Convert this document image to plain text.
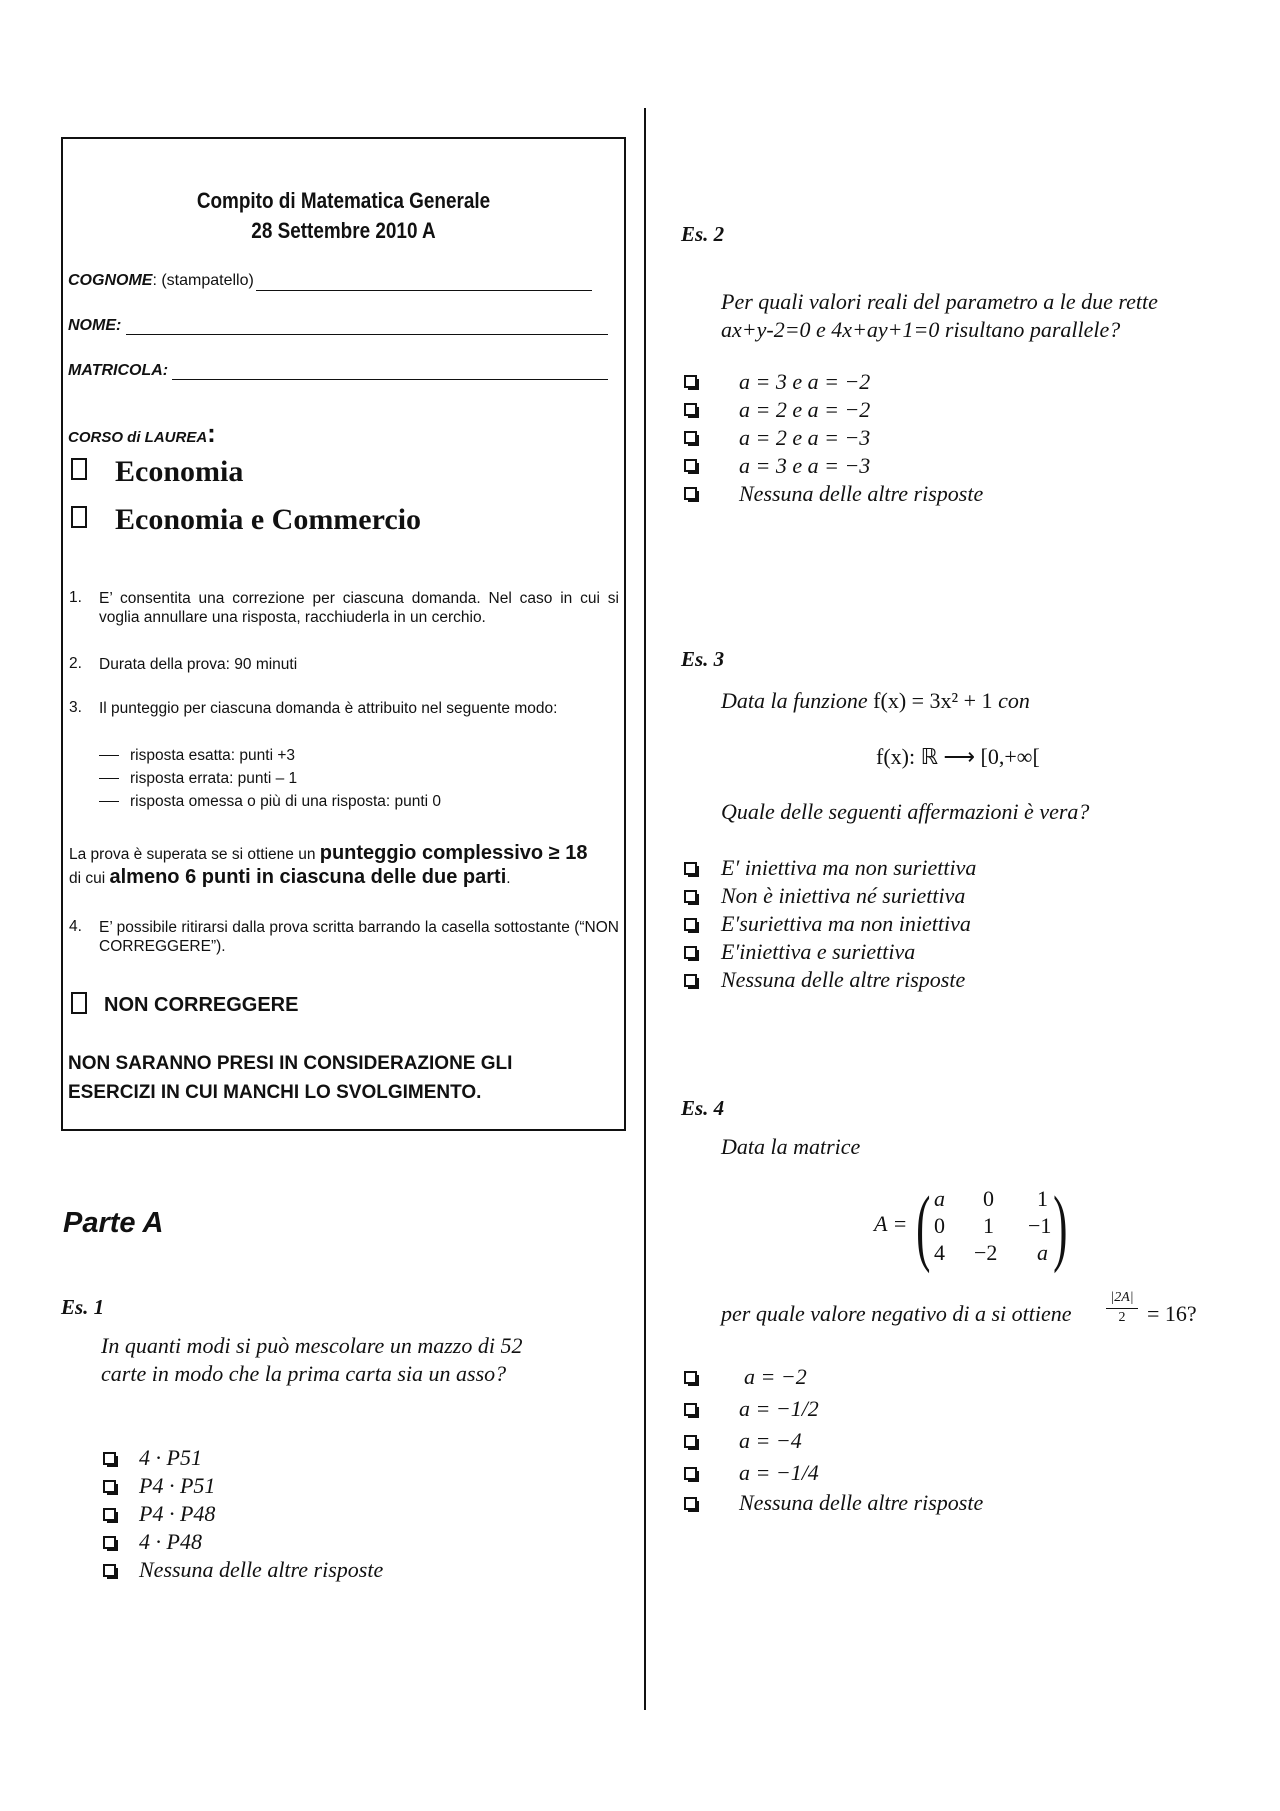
Compito di Matematica Generale
28 Settembre 2010 A
COGNOME: (stampatello)
NOME:
MATRICOLA:
CORSO di LAUREA:
Economia
Economia e Commercio
1. E’ consentita una correzione per ciascuna domanda. Nel caso in cui si voglia annullare una risposta, racchiuderla in un cerchio.
2. Durata della prova: 90 minuti
3. Il punteggio per ciascuna domanda è attribuito nel seguente modo:
risposta esatta: punti +3
risposta errata: punti – 1
risposta omessa o più di una risposta: punti 0
La prova è superata se si ottiene un punteggio complessivo ≥ 18
di cui almeno 6 punti in ciascuna delle due parti.
4. E’ possibile ritirarsi dalla prova scritta barrando la casella sottostante (“NON CORREGGERE”).
NON CORREGGERE
NON SARANNO PRESI IN CONSIDERAZIONE GLI
ESERCIZI IN CUI MANCHI LO SVOLGIMENTO.
Parte A
Es. 1
In quanti modi si può mescolare un mazzo di 52
carte in modo che la prima carta sia un asso?
4 · P51
P4 · P51
P4 · P48
4 · P48
Nessuna delle altre risposte
Es. 2
Per quali valori reali del parametro a le due rette
ax+y-2=0 e 4x+ay+1=0 risultano parallele?
a = 3 e a = −2
a = 2 e a = −2
a = 2 e a = −3
a = 3 e a = −3
Nessuna delle altre risposte
Es. 3
Data la funzione f(x) = 3x² + 1 con
f(x): ℝ ⟶ [0,+∞[
Quale delle seguenti affermazioni è vera?
E′ iniettiva ma non suriettiva
Non è iniettiva né suriettiva
E′suriettiva ma non iniettiva
E′iniettiva e suriettiva
Nessuna delle altre risposte
Es. 4
Data la matrice
A = ( )
a 0 1
0 1 −1
4 −2 a
per quale valore negativo di a si ottiene
|2A|
2 = 16?
a = −2
a = −1/2
a = −4
a = −1/4
Nessuna delle altre risposte
